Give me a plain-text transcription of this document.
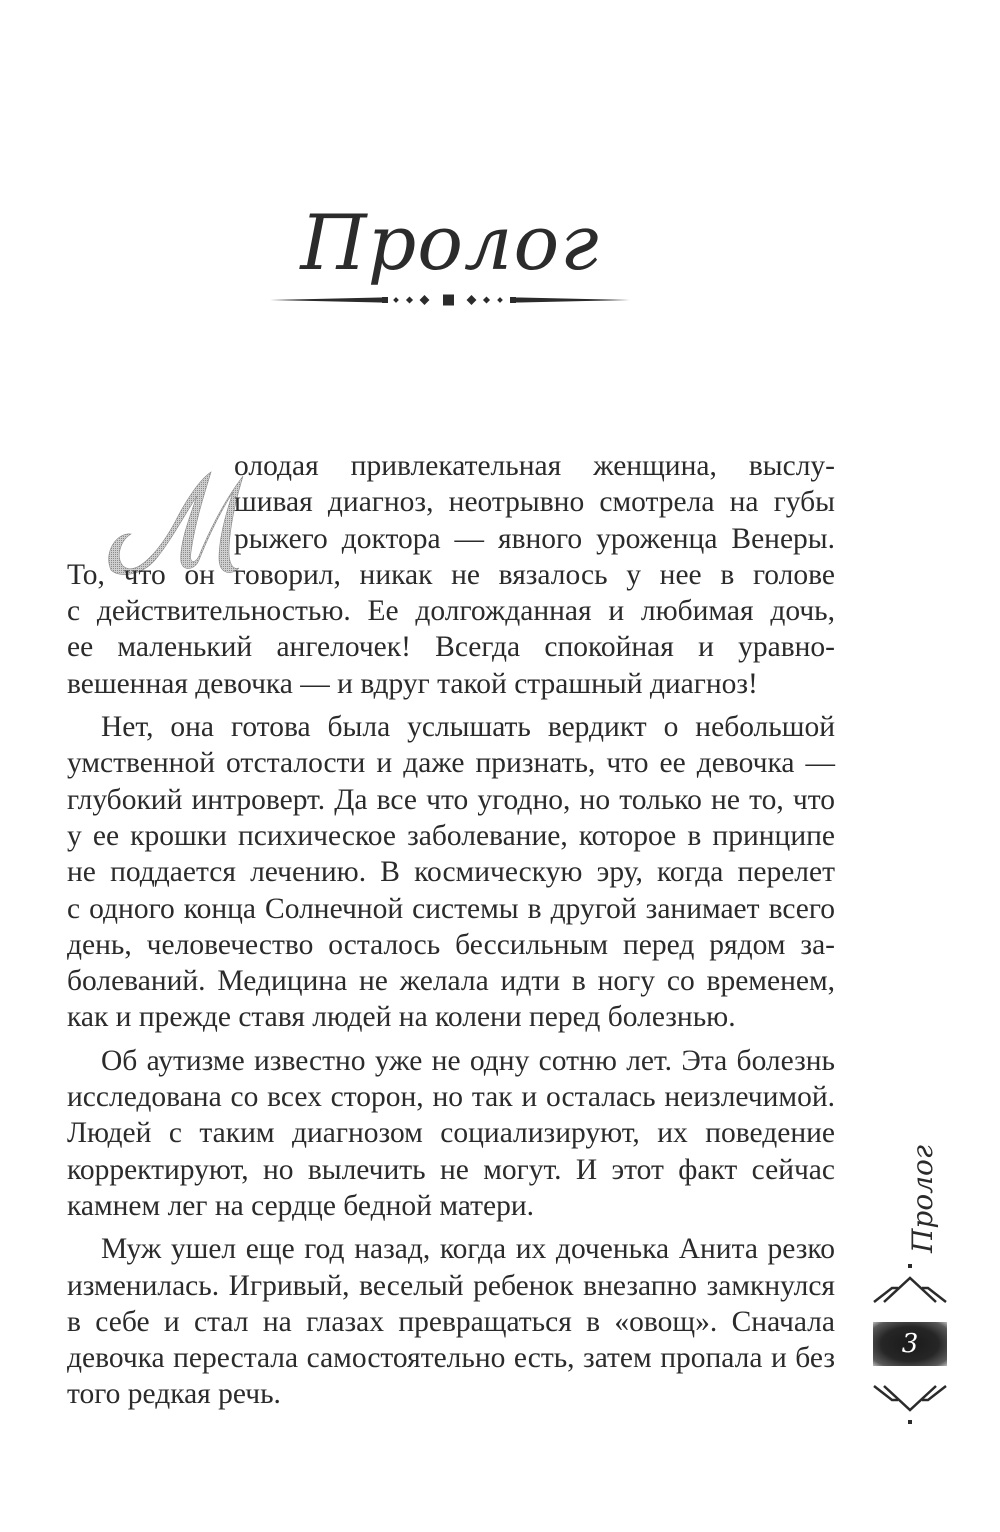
Пролог
олодая привлекательная женщина, выслу-
шивая диагноз, неотрывно смотрела на губы
рыжего доктора — явного уроженца Венеры.
То, что он говорил, никак не вязалось у нее в голове
с действительностью. Ее долгожданная и любимая дочь,
ее маленький ангелочек! Всегда спокойная и уравно-
вешенная девочка — и вдруг такой страшный диагноз!
Нет, она готова была услышать вердикт о небольшой
умственной отсталости и даже признать, что ее девочка —
глубокий интроверт. Да все что угодно, но только не то, что
у ее крошки психическое заболевание, которое в принципе
не поддается лечению. В космическую эру, когда перелет
с одного конца Солнечной системы в другой занимает всего
день, человечество осталось бессильным перед рядом за-
болеваний. Медицина не желала идти в ногу со временем,
как и прежде ставя людей на колени перед болезнью.
Об аутизме известно уже не одну сотню лет. Эта болезнь
исследована со всех сторон, но так и осталась неизлечимой.
Людей с таким диагнозом социализируют, их поведение
корректируют, но вылечить не могут. И этот факт сейчас
камнем лег на сердце бедной матери.
Муж ушел еще год назад, когда их доченька Анита резко
изменилась. Игривый, веселый ребенок внезапно замкнулся
в себе и стал на глазах превращаться в «овощ». Сначала
девочка перестала самостоятельно есть, затем пропала и без
того редкая речь.
Пролог
3
